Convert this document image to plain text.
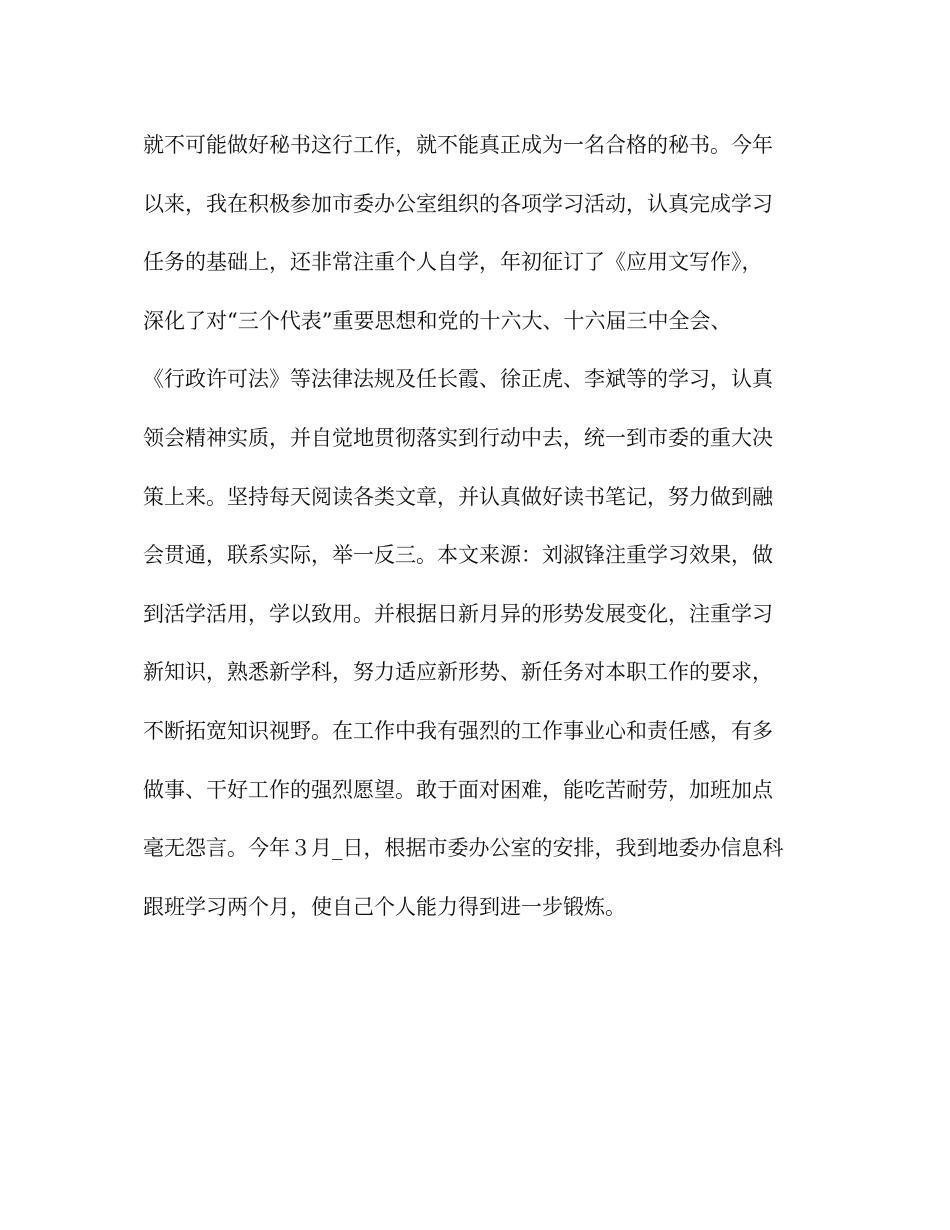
就不可能做好秘书这行工作，就不能真正成为一名合格的秘书。今年
以来，我在积极参加市委办公室组织的各项学习活动，认真完成学习
任务的基础上，还非常注重个人自学，年初征订了《应用文写作》，
深化了对“三个代表”重要思想和党的十六大、十六届三中全会、
《行政许可法》等法律法规及任长霞、徐正虎、李斌等的学习，认真
领会精神实质，并自觉地贯彻落实到行动中去，统一到市委的重大决
策上来。坚持每天阅读各类文章，并认真做好读书笔记，努力做到融
会贯通，联系实际，举一反三。本文来源：刘淑锋注重学习效果，做
到活学活用，学以致用。并根据日新月异的形势发展变化，注重学习
新知识，熟悉新学科，努力适应新形势、新任务对本职工作的要求，
不断拓宽知识视野。在工作中我有强烈的工作事业心和责任感，有多
做事、干好工作的强烈愿望。敢于面对困难，能吃苦耐劳，加班加点
毫无怨言。今年３月_日，根据市委办公室的安排，我到地委办信息科
跟班学习两个月，使自己个人能力得到进一步锻炼。
